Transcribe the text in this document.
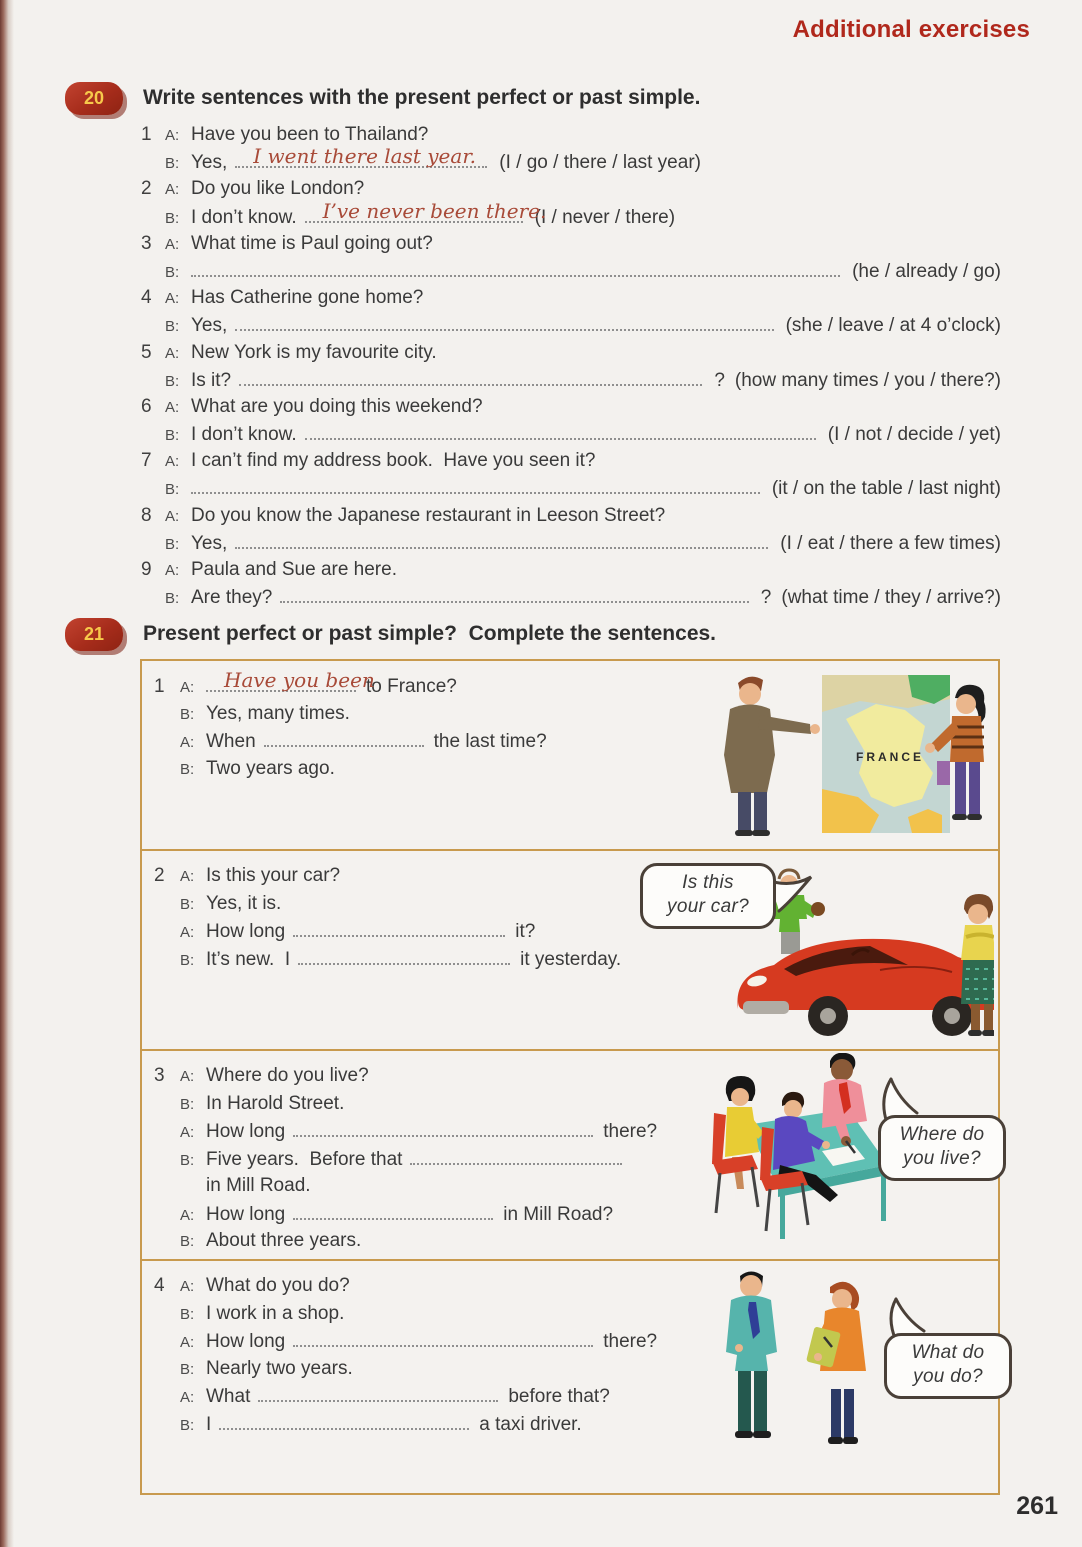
Additional exercises
20	Write sentences with the present perfect or past simple.
1 A: Have you been to Thailand?
B: Yes, I went there last year. (I / go / there / last year)
2 A: Do you like London?
B: I don’t know. I’ve never been there.
(I / never / there)
3 A: What time is Paul going out?
B:	(he / already / go)
4 A: Has Catherine gone home?
B: Yes,	(she / leave / at 4 o’clock)
5 A: New York is my favourite city.
B: Is it?	? (how many times / you / there?)
6 A: What are you doing this weekend?
B: I don’t know.	(I / not / decide / yet)
7 A: I can’t find my address book.  Have you seen it?
B:	(it / on the table / last night)
8 A: Do you know the Japanese restaurant in Leeson Street?
B: Yes,	(I / eat / there a few times)
9 A: Paula and Sue are here.
B: Are they?	? (what time / they / arrive?)
21	Present perfect or past simple?  Complete the sentences.
1	A:	Have you been
to France?
B: Yes, many times.
A: When	the last time?
B: Two years ago.
FRANCE
2	A: Is this your car?
B: Yes, it is.
A: How long	it?
B: It’s new.  I	it yesterday.
Is this
your car?
3	A: Where do you live?
B: In Harold Street.
A: How long	there?
B: Five years.  Before that
in Mill Road.
A: How long	in Mill Road?
B: About three years.
Where do
you live?
4	A: What do you do?
B: I work in a shop.
A: How long	there?
B: Nearly two years.
A: What	before that?
B: I	a taxi driver.
What do
you do?
261
